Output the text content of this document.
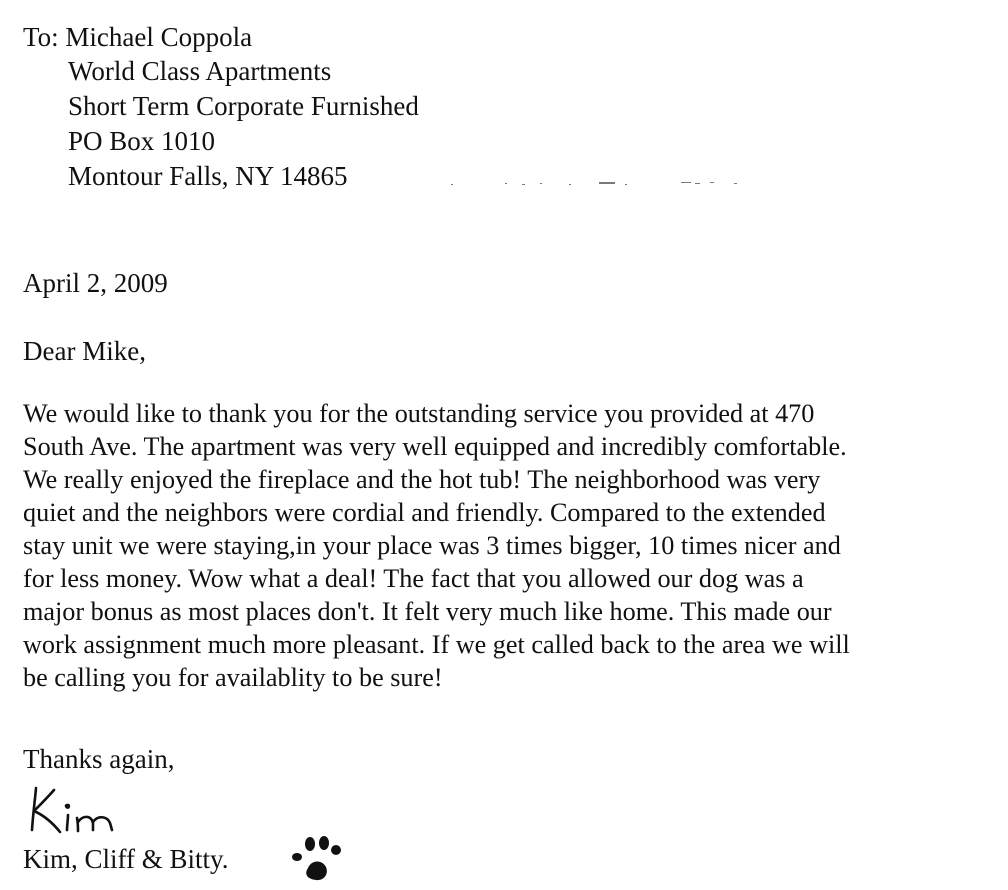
To: Michael Coppola
World Class Apartments
Short Term Corporate Furnished
PO Box 1010
Montour Falls, NY 14865
April 2, 2009
Dear Mike,
We would like to thank you for the outstanding service you provided at 470
South Ave. The apartment was very well equipped and incredibly comfortable.
We really enjoyed the fireplace and the hot tub! The neighborhood was very
quiet and the neighbors were cordial and friendly. Compared to the extended
stay unit we were staying,in your place was 3 times bigger, 10 times nicer and
for less money. Wow what a deal! The fact that you allowed our dog was a
major bonus as most places don't. It felt very much like home. This made our
work assignment much more pleasant. If we get called back to the area we will
be calling you for availablity to be sure!
Thanks again,
Kim, Cliff & Bitty.
